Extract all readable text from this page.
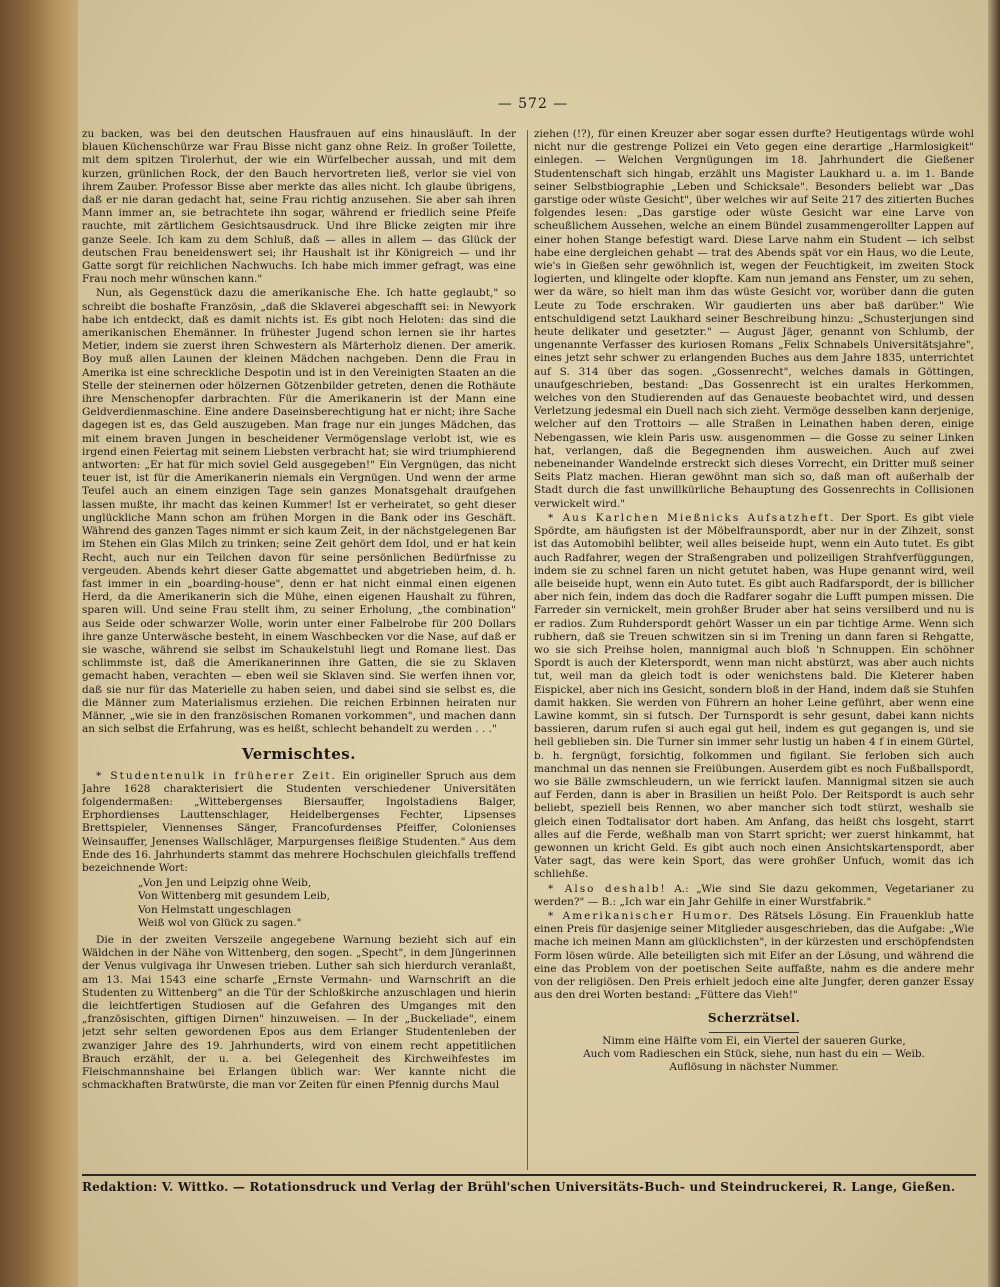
— 572 —

zu backen, was bei den deutschen Hausfrauen auf eins hinausläuft. In der blauen Küchenschürze war Frau Bisse nicht ganz ohne Reiz. In großer Toilette, mit dem spitzen Tirolerhut, der wie ein Würfelbecher aussah, und mit dem kurzen, grünlichen Rock, der den Bauch hervortreten ließ, verlor sie viel von ihrem Zauber. Professor Bisse aber merkte das alles nicht. Ich glaube übrigens, daß er nie daran gedacht hat, seine Frau richtig anzusehen. Sie aber sah ihren Mann immer an, sie betrachtete ihn sogar, während er friedlich seine Pfeife rauchte, mit zärtlichem Gesichtsausdruck. Und ihre Blicke zeigten mir ihre ganze Seele. Ich kam zu dem Schluß, daß — alles in allem — das Glück der deutschen Frau beneidenswert sei; ihr Haushalt ist ihr Königreich — und ihr Gatte sorgt für reichlichen Nachwuchs. Ich habe mich immer gefragt, was eine Frau noch mehr wünschen kann."

Nun, als Gegenstück dazu die amerikanische Ehe. Ich hatte geglaubt," so schreibt die boshafte Französin, „daß die Sklaverei abgeschafft sei: in Newyork habe ich entdeckt, daß es damit nichts ist. Es gibt noch Heloten: das sind die amerikanischen Ehemänner. In frühester Jugend schon lernen sie ihr hartes Metier, indem sie zuerst ihren Schwestern als Märterholz dienen. Der amerik. Boy muß allen Launen der kleinen Mädchen nachgeben. Denn die Frau in Amerika ist eine schreckliche Despotin und ist in den Vereinigten Staaten an die Stelle der steinernen oder hölzernen Götzenbilder getreten, denen die Rothäute ihre Menschenopfer darbrachten. Für die Amerikanerin ist der Mann eine Geldverdienmaschine. Eine andere Daseinsberechtigung hat er nicht; ihre Sache dagegen ist es, das Geld auszugeben. Man frage nur ein junges Mädchen, das mit einem braven Jungen in bescheidener Vermögenslage verlobt ist, wie es irgend einen Feiertag mit seinem Liebsten verbracht hat; sie wird triumphierend antworten: „Er hat für mich soviel Geld ausgegeben!" Ein Vergnügen, das nicht teuer ist, ist für die Amerikanerin niemals ein Vergnügen. Und wenn der arme Teufel auch an einem einzigen Tage sein ganzes Monatsgehalt draufgehen lassen mußte, ihr macht das keinen Kummer! Ist er verheiratet, so geht dieser unglückliche Mann schon am frühen Morgen in die Bank oder ins Geschäft. Während des ganzen Tages nimmt er sich kaum Zeit, in der nächstgelegenen Bar im Stehen ein Glas Milch zu trinken; seine Zeit gehört dem Idol, und er hat kein Recht, auch nur ein Teilchen davon für seine persönlichen Bedürfnisse zu vergeuden. Abends kehrt dieser Gatte abgemattet und abgetrieben heim, d. h. fast immer in ein „boarding-house", denn er hat nicht einmal einen eigenen Herd, da die Amerikanerin sich die Mühe, einen eigenen Haushalt zu führen, sparen will. Und seine Frau stellt ihm, zu seiner Erholung, „the combination" aus Seide oder schwarzer Wolle, worin unter einer Falbelrobe für 200 Dollars ihre ganze Unterwäsche besteht, in einem Waschbecken vor die Nase, auf daß er sie wasche, während sie selbst im Schaukelstuhl liegt und Romane liest. Das schlimmste ist, daß die Amerikanerinnen ihre Gatten, die sie zu Sklaven gemacht haben, verachten — eben weil sie Sklaven sind. Sie werfen ihnen vor, daß sie nur für das Materielle zu haben seien, und dabei sind sie selbst es, die die Männer zum Materialismus erziehen. Die reichen Erbinnen heiraten nur Männer, „wie sie in den französischen Romanen vorkommen", und machen dann an sich selbst die Erfahrung, was es heißt, schlecht behandelt zu werden . . ."

Vermischtes.

* Studentenulk in früherer Zeit. Ein origineller Spruch aus dem Jahre 1628 charakterisiert die Studenten verschiedener Universitäten folgendermaßen: „Wittebergenses Biersauffer, Ingolstadiens Balger, Erphordienses Lauttenschlager, Heidelbergenses Fechter, Lipsenses Brettspieler, Viennenses Sänger, Francofurdenses Pfeiffer, Colonienses Weinsauffer, Jenenses Wallschläger, Marpurgenses fleißige Studenten." Aus dem Ende des 16. Jahrhunderts stammt das mehrere Hochschulen gleichfalls treffend bezeichnende Wort:

„Von Jen und Leipzig ohne Weib,
Von Wittenberg mit gesundem Leib,
Von Helmstatt ungeschlagen
Weiß wol von Glück zu sagen."

Die in der zweiten Verszeile angegebene Warnung bezieht sich auf ein Wäldchen in der Nähe von Wittenberg, den sogen. „Specht", in dem Jüngerinnen der Venus vulgivaga ihr Unwesen trieben. Luther sah sich hierdurch veranlaßt, am 13. Mai 1543 eine scharfe „Ernste Vermahn- und Warnschrift an die Studenten zu Wittenberg" an die Tür der Schloßkirche anzuschlagen und hierin die leichtfertigen Studiosen auf die Gefahren des Umganges mit den „französischten, giftigen Dirnen" hinzuweisen. — In der „Buckeliade", einem jetzt sehr selten gewordenen Epos aus dem Erlanger Studentenleben der zwanziger Jahre des 19. Jahrhunderts, wird von einem recht appetitlichen Brauch erzählt, der u. a. bei Gelegenheit des Kirchweihfestes im Fleischmannshaine bei Erlangen üblich war: Wer kannte nicht die schmackhaften Bratwürste, die man vor Zeiten für einen Pfennig durchs Maul

ziehen (!?), für einen Kreuzer aber sogar essen durfte? Heutigentags würde wohl nicht nur die gestrenge Polizei ein Veto gegen eine derartige „Harmlosigkeit" einlegen. — Welchen Vergnügungen im 18. Jahrhundert die Gießener Studentenschaft sich hingab, erzählt uns Magister Laukhard u. a. im 1. Bande seiner Selbstbiographie „Leben und Schicksale". Besonders beliebt war „Das garstige oder wüste Gesicht", über welches wir auf Seite 217 des zitierten Buches folgendes lesen: „Das garstige oder wüste Gesicht war eine Larve von scheußlichem Aussehen, welche an einem Bündel zusammengerollter Lappen auf einer hohen Stange befestigt ward. Diese Larve nahm ein Student — ich selbst habe eine dergleichen gehabt — trat des Abends spät vor ein Haus, wo die Leute, wie's in Gießen sehr gewöhnlich ist, wegen der Feuchtigkeit, im zweiten Stock logierten, und klingelte oder klopfte. Kam nun jemand ans Fenster, um zu sehen, wer da wäre, so hielt man ihm das wüste Gesicht vor, worüber dann die guten Leute zu Tode erschraken. Wir gaudierten uns aber baß darüber." Wie entschuldigend setzt Laukhard seiner Beschreibung hinzu: „Schusterjungen sind heute delikater und gesetzter." — August Jäger, genannt von Schlumb, der ungenannte Verfasser des kuriosen Romans „Felix Schnabels Universitätsjahre", eines jetzt sehr schwer zu erlangenden Buches aus dem Jahre 1835, unterrichtet auf S. 314 über das sogen. „Gossenrecht", welches damals in Göttingen, unaufgeschrieben, bestand: „Das Gossenrecht ist ein uraltes Herkommen, welches von den Studierenden auf das Genaueste beobachtet wird, und dessen Verletzung jedesmal ein Duell nach sich zieht. Vermöge desselben kann derjenige, welcher auf den Trottoirs — alle Straßen in Leinathen haben deren, einige Nebengassen, wie klein Paris usw. ausgenommen — die Gosse zu seiner Linken hat, verlangen, daß die Begegnenden ihm ausweichen. Auch auf zwei nebeneinander Wandelnde erstreckt sich dieses Vorrecht, ein Dritter muß seiner Seits Platz machen. Hieran gewöhnt man sich so, daß man oft außerhalb der Stadt durch die fast unwillkürliche Behauptung des Gossenrechts in Collisionen verwickelt wird."

* Aus Karlchen Mießnicks Aufsatzheft. Der Sport. Es gibt viele Spördte, am häufigsten ist der Möbelfraunspordt, aber nur in der Zihzeit, sonst ist das Automobihl belibter, weil alles beiseide hupt, wenn ein Auto tutet. Es gibt auch Radfahrer, wegen der Straßengraben und polizeiligen Strahfverfüggungen, indem sie zu schnel faren un nicht getutet haben, was Hupe genannt wird, weil alle beiseide hupt, wenn ein Auto tutet. Es gibt auch Radfarspordt, der is billicher aber nich fein, indem das doch die Radfarer sogahr die Lufft pumpen missen. Die Farreder sin vernickelt, mein grohßer Bruder aber hat seins versilberd und nu is er radios. Zum Ruhderspordt gehört Wasser un ein par tichtige Arme. Wenn sich rubhern, daß sie Treuen schwitzen sin si im Trening un dann faren si Rehgatte, wo sie sich Preihse holen, mannigmal auch bloß 'n Schnuppen. Ein schöhner Spordt is auch der Kleterspordt, wenn man nicht abstürzt, was aber auch nichts tut, weil man da gleich todt is oder wenichstens bald. Die Kleterer haben Eispickel, aber nich ins Gesicht, sondern bloß in der Hand, indem daß sie Stuhfen damit hakken. Sie werden von Führern an hoher Leine geführt, aber wenn eine Lawine kommt, sin si futsch. Der Turnspordt is sehr gesunt, dabei kann nichts bassieren, darum rufen si auch egal gut heil, indem es gut gegangen is, und sie heil geblieben sin. Die Turner sin immer sehr lustig un haben 4 f in einem Gürtel, b. h. fergnügt, forsichtig, folkommen und figilant. Sie ferloben sich auch manchmal un das nennen sie Freiübungen. Auserdem gibt es noch Fußballspordt, wo sie Bälle zwmschleudern, un wie ferrickt laufen. Mannigmal sitzen sie auch auf Ferden, dann is aber in Brasilien un heißt Polo. Der Reitspordt is auch sehr beliebt, speziell beis Rennen, wo aber mancher sich todt stürzt, weshalb sie gleich einen Todtalisator dort haben. Am Anfang, das heißt chs losgeht, starrt alles auf die Ferde, weßhalb man von Starrt spricht; wer zuerst hinkammt, hat gewonnen un kricht Geld. Es gibt auch noch einen Ansichtskartenspordt, aber Vater sagt, das were kein Sport, das were grohßer Unfuch, womit das ich schliehße.

* Also deshalb! A.: „Wie sind Sie dazu gekommen, Vegetarianer zu werden?" — B.: „Ich war ein Jahr Gehilfe in einer Wurstfabrik."

* Amerikanischer Humor. Des Rätsels Lösung. Ein Frauenklub hatte einen Preis für dasjenige seiner Mitglieder ausgeschrieben, das die Aufgabe: „Wie mache ich meinen Mann am glücklichsten", in der kürzesten und erschöpfendsten Form lösen würde. Alle beteiligten sich mit Eifer an der Lösung, und während die eine das Problem von der poetischen Seite auffaßte, nahm es die andere mehr von der religiösen. Den Preis erhielt jedoch eine alte Jungfer, deren ganzer Essay aus den drei Worten bestand: „Füttere das Vieh!"

Scherzrätsel.
Nimm eine Hälfte vom Ei, ein Viertel der saueren Gurke,
Auch vom Radieschen ein Stück, siehe, nun hast du ein — Weib.
Auflösung in nächster Nummer.
Redaktion: V. Wittko. — Rotationsdruck und Verlag der Brühl'schen Universitäts-Buch- und Steindruckerei, R. Lange, Gießen.
